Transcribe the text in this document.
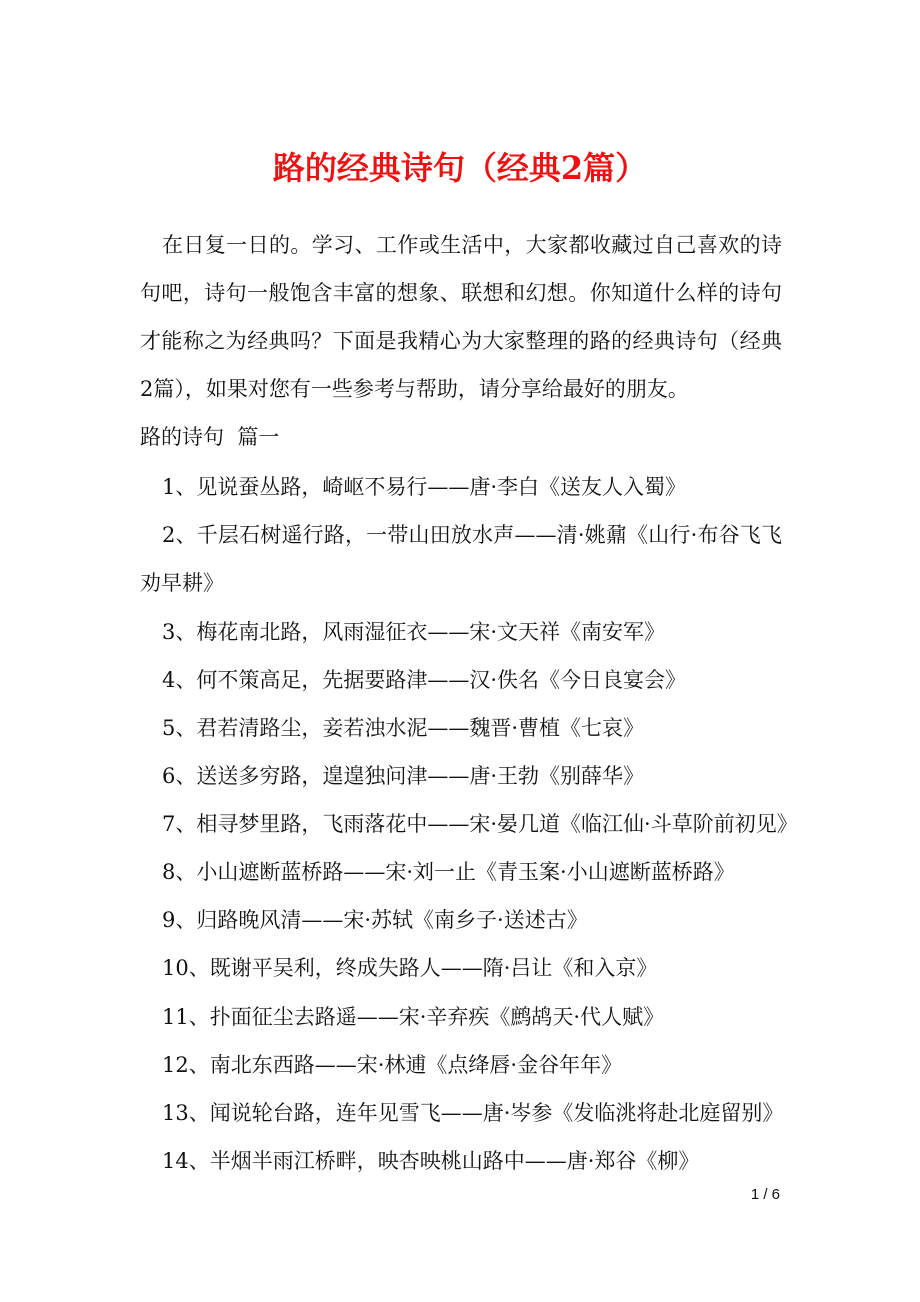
路的经典诗句（经典2篇）
在日复一日的。学习、工作或生活中，大家都收藏过自己喜欢的诗
句吧，诗句一般饱含丰富的想象、联想和幻想。你知道什么样的诗句
才能称之为经典吗？下面是我精心为大家整理的路的经典诗句（经典
2篇），如果对您有一些参考与帮助，请分享给最好的朋友。
路的诗句  篇一
1、见说蚕丛路，崎岖不易行——唐·李白《送友人入蜀》
2、千层石树遥行路，一带山田放水声——清·姚鼐《山行·布谷飞飞
劝早耕》
3、梅花南北路，风雨湿征衣——宋·文天祥《南安军》
4、何不策高足，先据要路津——汉·佚名《今日良宴会》
5、君若清路尘，妾若浊水泥——魏晋·曹植《七哀》
6、送送多穷路，遑遑独问津——唐·王勃《别薛华》
7、相寻梦里路，飞雨落花中——宋·晏几道《临江仙·斗草阶前初见》
8、小山遮断蓝桥路——宋·刘一止《青玉案·小山遮断蓝桥路》
9、归路晚风清——宋·苏轼《南乡子·送述古》
10、既谢平吴利，终成失路人——隋·吕让《和入京》
11、扑面征尘去路遥——宋·辛弃疾《鹧鸪天·代人赋》
12、南北东西路——宋·林逋《点绛唇·金谷年年》
13、闻说轮台路，连年见雪飞——唐·岑参《发临洮将赴北庭留别》
14、半烟半雨江桥畔，映杏映桃山路中——唐·郑谷《柳》
1 / 6
